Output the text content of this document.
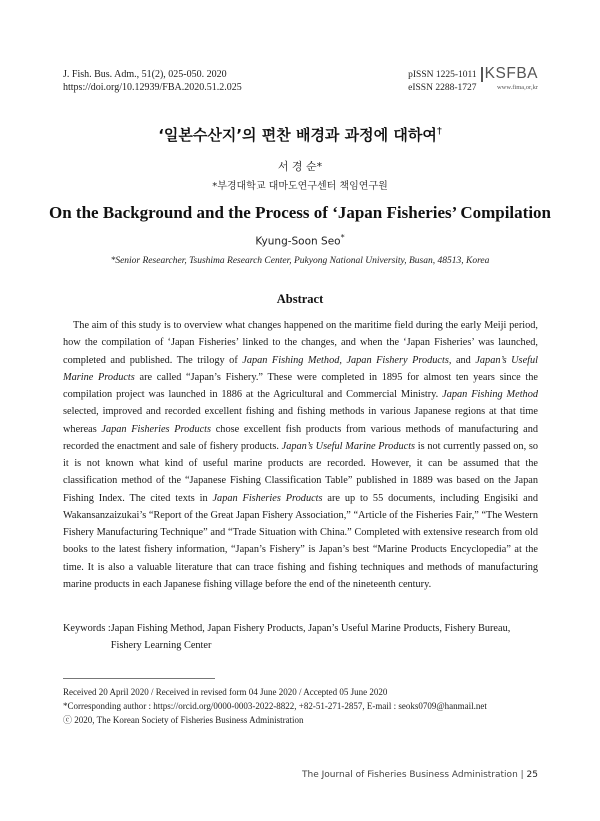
J. Fish. Bus. Adm., 51(2), 025-050. 2020
https://doi.org/10.12939/FBA.2020.51.2.025
pISSN 1225-1011
eISSN 2288-1727
KSFBA
www.fima,or,kr
‘일본수산지’의 편찬 배경과 과정에 대하여†
서 경 순*
*부경대학교 대마도연구센터 책임연구원
On the Background and the Process of ‘Japan Fisheries’ Compilation
Kyung-Soon Seo*
*Senior Researcher, Tsushima Research Center, Pukyong National University, Busan, 48513, Korea
Abstract

The aim of this study is to overview what changes happened on the maritime field during the early Meiji period, how the compilation of ‘Japan Fisheries’ linked to the changes, and when the ‘Japan Fisheries’ was launched, completed and published. The trilogy of Japan Fishing Method, Japan Fishery Products, and Japan’s Useful Marine Products are called “Japan’s Fishery.” These were completed in 1895 for almost ten years since the compilation project was launched in 1886 at the Agricultural and Commercial Ministry. Japan Fishing Method selected, improved and recorded excellent fishing and fishing methods in various Japanese regions at that time whereas Japan Fisheries Products chose excellent fish products from various methods of manufacturing and recorded the enactment and sale of fishery products. Japan’s Useful Marine Products is not currently passed on, so it is not known what kind of useful marine products are recorded. However, it can be assumed that the classification method of the “Japanese Fishing Classification Table” published in 1889 was based on the Japan Fishing Index. The cited texts in Japan Fisheries Products are up to 55 documents, including Engisiki and Wakansanzaizukai’s “Report of the Great Japan Fishery Association,” “Article of the Fisheries Fair,” “The Western Fishery Manufacturing Technique” and “Trade Situation with China.” Completed with extensive research from old books to the latest fishery information, “Japan’s Fishery” is Japan’s best “Marine Products Encyclopedia” at the time. It is also a valuable literature that can trace fishing and fishing techniques and methods of manufacturing marine products in each Japanese fishing village before the end of the nineteenth century.

Keywords : Japan Fishing Method, Japan Fishery Products, Japan’s Useful Marine Products, Fishery Bureau, Fishery Learning Center
Received 20 April 2020 / Received in revised form 04 June 2020 / Accepted 05 June 2020
*Corresponding author : https://orcid.org/0000-0003-2022-8822, +82-51-271-2857, E-mail : seoks0709@hanmail.net
ⓒ 2020, The Korean Society of Fisheries Business Administration
The Journal of Fisheries Business Administration | 25
